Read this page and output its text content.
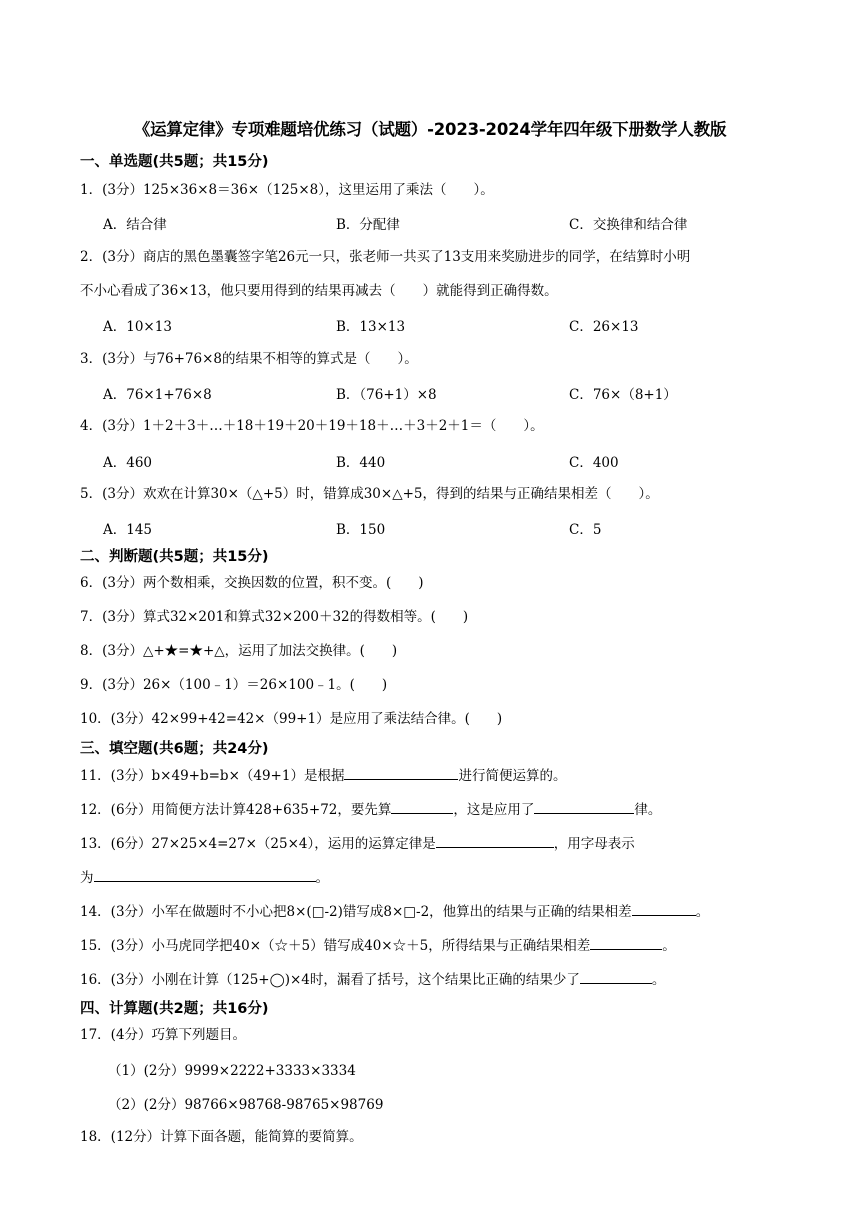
《运算定律》专项难题培优练习（试题）-2023-2024学年四年级下册数学人教版
一、单选题(共5题；共15分)
1．(3分）125×36×8＝36×（125×8），这里运用了乘法（　　）。
A．结合律	B．分配律	C．交换律和结合律
2．(3分）商店的黑色墨囊签字笔26元一只，张老师一共买了13支用来奖励进步的同学，在结算时小明
不小心看成了36×13，他只要用得到的结果再减去（　　）就能得到正确得数。
A．10×13	B．13×13	C．26×13
3．(3分）与76+76×8的结果不相等的算式是（　　）。
A．76×1+76×8	B．（76+1）×8	C．76×（8+1）
4．(3分）1＋2＋3＋…＋18＋19＋20＋19＋18＋…＋3＋2＋1＝（　　）。
A．460	B．440	C．400
5．(3分）欢欢在计算30×（△+5）时，错算成30×△+5，得到的结果与正确结果相差（　　）。
A．145	B．150	C．5
二、判断题(共5题；共15分)
6．(3分）两个数相乘，交换因数的位置，积不变。(　　)
7．(3分）算式32×201和算式32×200＋32的得数相等。(　　)
8．(3分）△+★=★+△，运用了加法交换律。(　　)
9．(3分）26×（100﹣1）＝26×100﹣1。(　　)
10．(3分）42×99+42=42×（99+1）是应用了乘法结合律。(　　)
三、填空题(共6题；共24分)
11．(3分）b×49+b=b×（49+1）是根据	进行简便运算的。
12．(6分）用简便方法计算428+635+72，要先算	，这是应用了	律。
13．(6分）27×25×4=27×（25×4），运用的运算定律是	，用字母表示
为	。
14．(3分）小军在做题时不小心把8×(□-2)错写成8×□-2，他算出的结果与正确的结果相差	。
15．(3分）小马虎同学把40×（☆＋5）错写成40×☆＋5，所得结果与正确结果相差	。
16．(3分）小刚在计算（125+◯)×4时，漏看了括号，这个结果比正确的结果少了	。
四、计算题(共2题；共16分)
17．(4分）巧算下列题目。
（1）(2分）9999×2222+3333×3334
（2）(2分）98766×98768-98765×98769
18．(12分）计算下面各题，能简算的要简算。
